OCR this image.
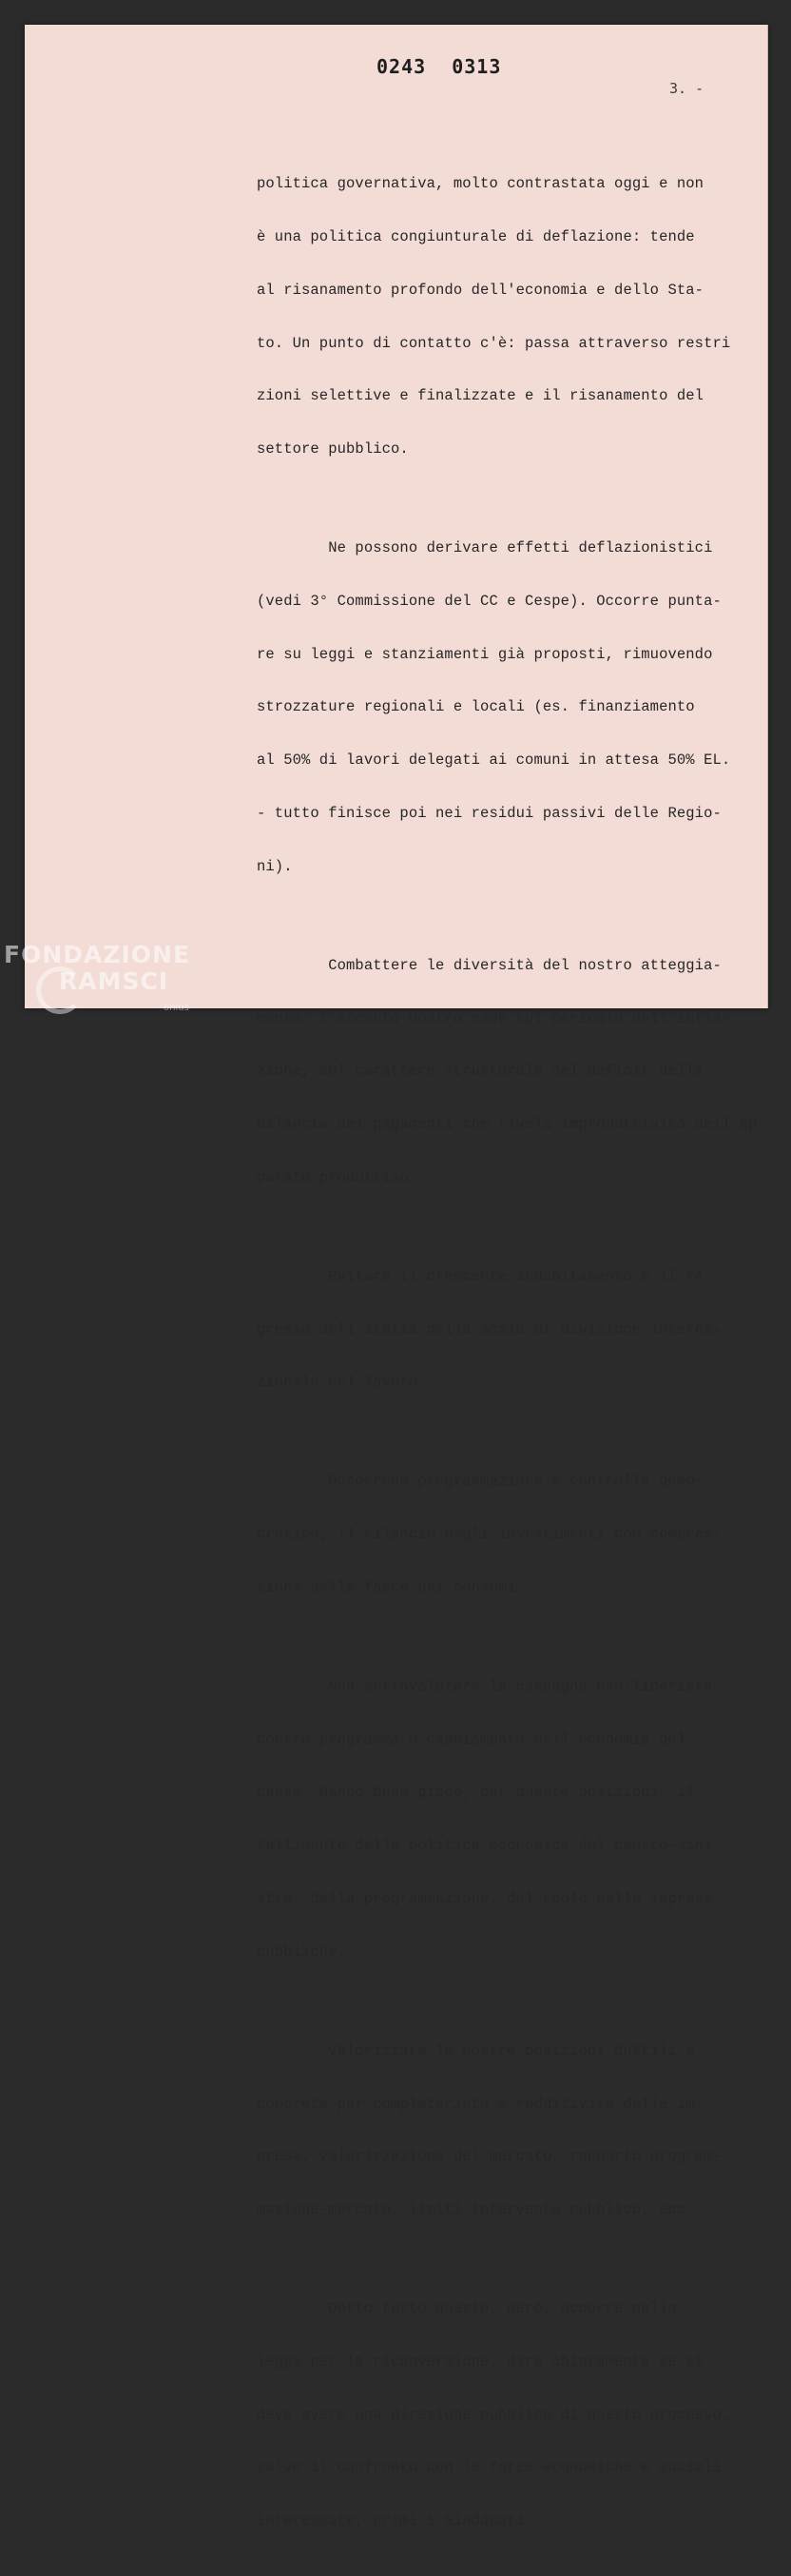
0243 0313
3. -

politica governativa, molto contrastata oggi e non

è una politica congiunturale di deflazione: tende

al risanamento profondo dell'economia e dello Sta-

to. Un punto di contatto c'è: passa attraverso restri

zioni selettive e finalizzate e il risanamento del

settore pubblico.

Ne possono derivare effetti deflazionistici

(vedi 3° Commissione del CC e Cespe). Occorre punta-

re su leggi e stanziamenti già proposti, rimuovendo

strozzature regionali e locali (es. finanziamento

al 50% di lavori delegati ai comuni in attesa 50% EL.

- tutto finisce poi nei residui passivi delle Regio-

ni).

Combattere le diversità del nostro atteggia-

mento: l'accento nostro cade sul pericolo dell'infla-

zione, sul carattere strutturale del deficit della

bilancia dei pagamenti che rivela improduttività dell'ap-

parato produttivo.

Evitare il crescente indebitamento e il re-

gresso dell'Italia nella scala di divisione interna-

zionale del lavoro.

Occorrono programmazione e controllo demo-

cratico, il rilancio degli investimenti con compres-

sione delle fasce dei consumi.

Non sottovalutare la campagna neo-liberista

contro programma o cambiamento dell'economia del

paese. Hanno buon gioco, per queste posizioni, il

fallimento della politica economica del centro-sini

stra, della programmazione, del ruolo delle imprese

pubbliche.

Valorizzare le nostre posizioni duttili e

concrete per completarietà e redditività delle im-

prese, valorizzazione del mercato, rapporto program-

mazione-mercato, limiti intervento pubblico, ecc.

Detto tutto questo, però, occorre nella

legge per la riconversione, dire chiaramente se si

deve avere una direzione pubblica di questo processo,

salvo il confronto con le forze economiche e sociali

interessate, primi i Sindacati.

FONDAZIONE
RAMSCI
onlus
